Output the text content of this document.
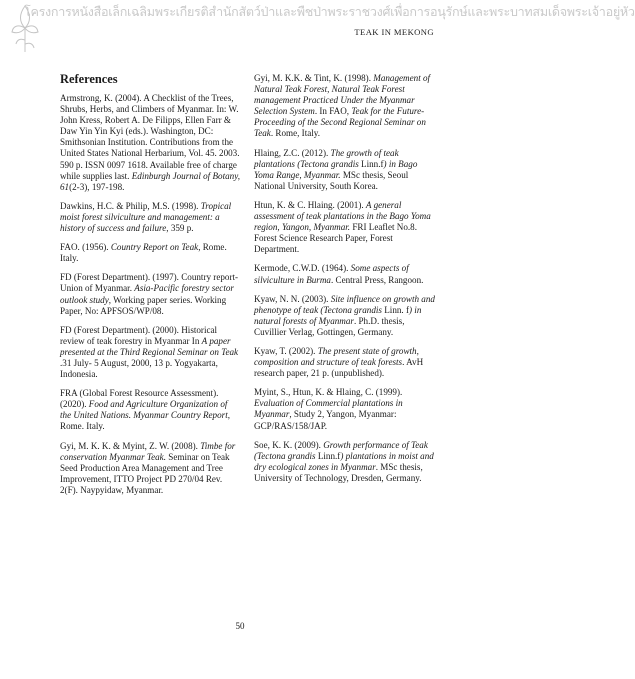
โครงการหนังสือเล็กเฉลิมพระเกียรติสำนักสัตว์ป่าและพืชป่าพระราชวงศ์เพื่อการอนุรักษ์และพระบาทสมเด็จพระเจ้าอยู่หัว
TEAK IN MEKONG
References
Armstrong, K. (2004). A Checklist of the Trees, Shrubs, Herbs, and Climbers of Myanmar. In: W. John Kress, Robert A. De Filipps, Ellen Farr & Daw Yin Yin Kyi (eds.). Washington, DC: Smithsonian Institution. Contributions from the United States National Herbarium, Vol. 45. 2003. 590 p. ISSN 0097 1618. Available free of charge while supplies last. Edinburgh Journal of Botany, 61(2-3), 197-198.
Dawkins, H.C. & Philip, M.S. (1998). Tropical moist forest silviculture and management: a history of success and failure, 359 p.
FAO. (1956). Country Report on Teak, Rome. Italy.
FD (Forest Department). (1997). Country report- Union of Myanmar. Asia-Pacific forestry sector outlook study, Working paper series. Working Paper, No: APFSOS/WP/08.
FD (Forest Department). (2000). Historical review of teak forestry in Myanmar In A paper presented at the Third Regional Seminar on Teak .31 July- 5 August, 2000, 13 p. Yogyakarta, Indonesia.
FRA (Global Forest Resource Assessment). (2020). Food and Agriculture Organization of the United Nations. Myanmar Country Report, Rome. Italy.
Gyi, M. K. K. & Myint, Z. W. (2008). Timbe for conservation Myanmar Teak. Seminar on Teak Seed Production Area Management and Tree Improvement, ITTO Project PD 270/04 Rev. 2(F). Naypyidaw, Myanmar.
Gyi, M. K.K. & Tint, K. (1998). Management of Natural Teak Forest, Natural Teak Forest management Practiced Under the Myanmar Selection System. In FAO, Teak for the Future-Proceeding of the Second Regional Seminar on Teak. Rome, Italy.
Hlaing, Z.C. (2012). The growth of teak plantations (Tectona grandis Linn.f) in Bago Yoma Range, Myanmar. MSc thesis, Seoul National University, South Korea.
Htun, K. & C. Hlaing. (2001). A general assessment of teak plantations in the Bago Yoma region, Yangon, Myanmar. FRI Leaflet No.8. Forest Science Research Paper, Forest Department.
Kermode, C.W.D. (1964). Some aspects of silviculture in Burma. Central Press, Rangoon.
Kyaw, N. N. (2003). Site influence on growth and phenotype of teak (Tectona grandis Linn. f) in natural forests of Myanmar. Ph.D. thesis, Cuvillier Verlag, Gottingen, Germany.
Kyaw, T. (2002). The present state of growth, composition and structure of teak forests. AvH research paper, 21 p. (unpublished).
Myint, S., Htun, K. & Hlaing, C. (1999). Evaluation of Commercial plantations in Myanmar, Study 2, Yangon, Myanmar: GCP/RAS/158/JAP.
Soe, K. K. (2009). Growth performance of Teak (Tectona grandis Linn.f) plantations in moist and dry ecological zones in Myanmar. MSc thesis, University of Technology, Dresden, Germany.
50
